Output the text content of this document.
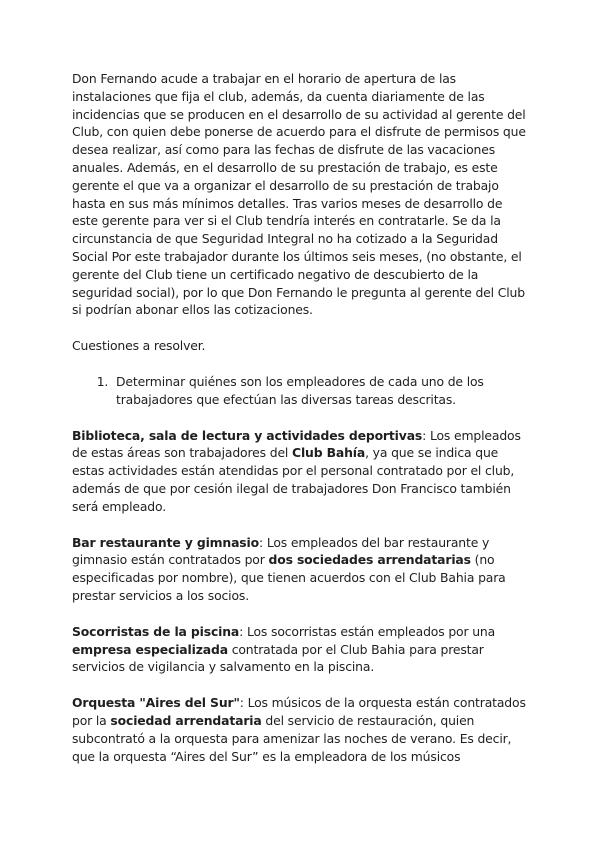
Don Fernando acude a trabajar en el horario de apertura de las instalaciones que fija el club, además, da cuenta diariamente de las incidencias que se producen en el desarrollo de su actividad al gerente del Club, con quien debe ponerse de acuerdo para el disfrute de permisos que desea realizar, así como para las fechas de disfrute de las vacaciones anuales. Además, en el desarrollo de su prestación de trabajo, es este gerente el que va a organizar el desarrollo de su prestación de trabajo hasta en sus más mínimos detalles. Tras varios meses de desarrollo de este gerente para ver si el Club tendría interés en contratarle. Se da la circunstancia de que Seguridad Integral no ha cotizado a la Seguridad Social Por este trabajador durante los últimos seis meses, (no obstante, el gerente del Club tiene un certificado negativo de descubierto de la seguridad social), por lo que Don Fernando le pregunta al gerente del Club si podrían abonar ellos las cotizaciones.

Cuestiones a resolver.

1. Determinar quiénes son los empleadores de cada uno de los trabajadores que efectúan las diversas tareas descritas.

Biblioteca, sala de lectura y actividades deportivas: Los empleados de estas áreas son trabajadores del Club Bahía, ya que se indica que estas actividades están atendidas por el personal contratado por el club, además de que por cesión ilegal de trabajadores Don Francisco también será empleado.

Bar restaurante y gimnasio: Los empleados del bar restaurante y gimnasio están contratados por dos sociedades arrendatarias (no especificadas por nombre), que tienen acuerdos con el Club Bahia para prestar servicios a los socios.

Socorristas de la piscina: Los socorristas están empleados por una empresa especializada contratada por el Club Bahia para prestar servicios de vigilancia y salvamento en la piscina.

Orquesta "Aires del Sur": Los músicos de la orquesta están contratados por la sociedad arrendataria del servicio de restauración, quien subcontrató a la orquesta para amenizar las noches de verano. Es decir, que la orquesta “Aires del Sur” es la empleadora de los músicos
